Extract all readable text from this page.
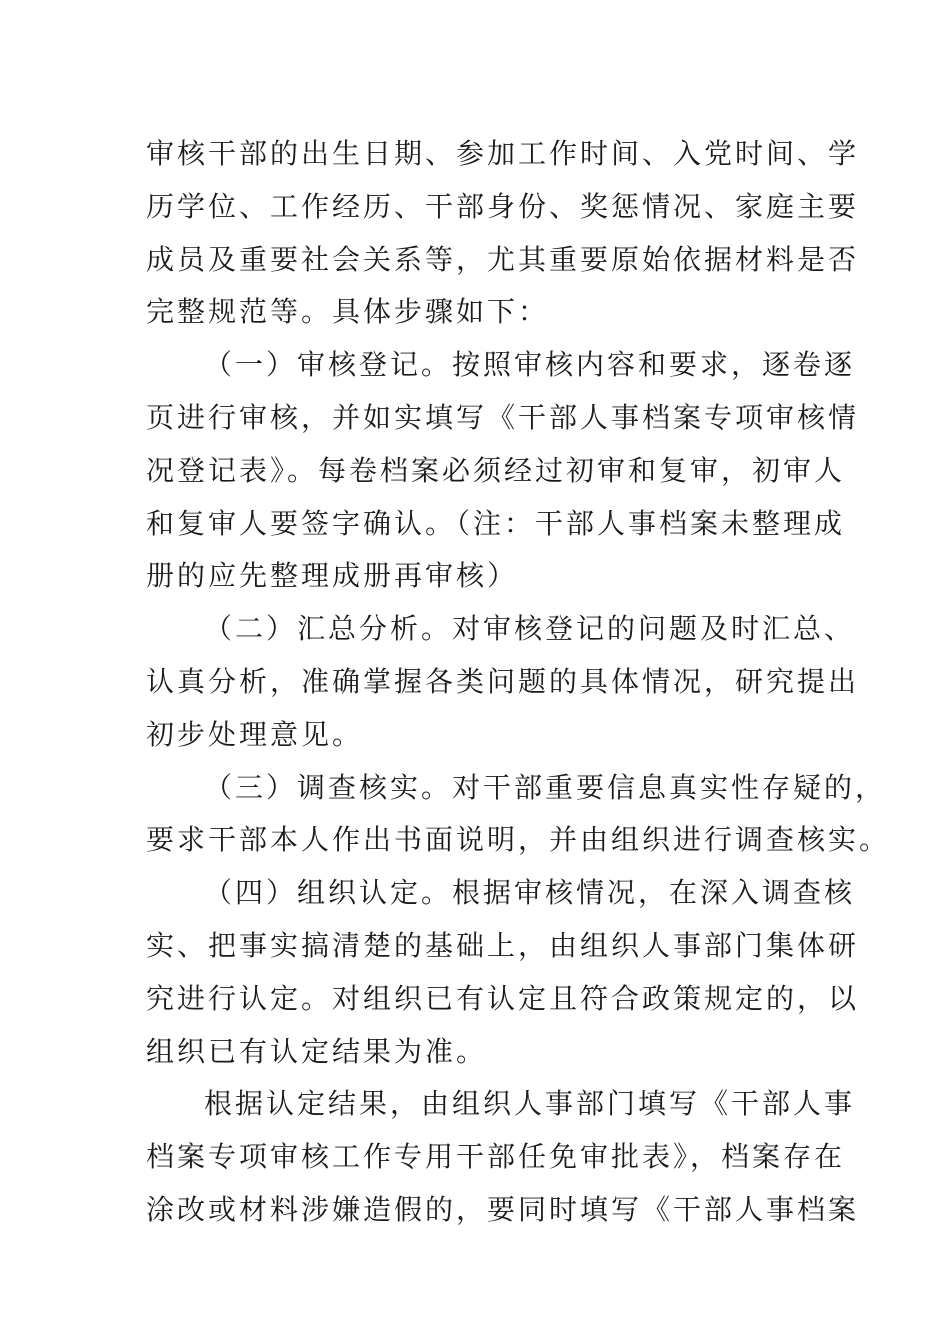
审核干部的出生日期、参加工作时间、入党时间、学
历学位、工作经历、干部身份、奖惩情况、家庭主要
成员及重要社会关系等，尤其重要原始依据材料是否
完整规范等。具体步骤如下：
（一）审核登记。按照审核内容和要求，逐卷逐
页进行审核，并如实填写《干部人事档案专项审核情
况登记表》。每卷档案必须经过初审和复审，初审人
和复审人要签字确认。（注：干部人事档案未整理成
册的应先整理成册再审核）
（二）汇总分析。对审核登记的问题及时汇总、
认真分析，准确掌握各类问题的具体情况，研究提出
初步处理意见。
（三）调查核实。对干部重要信息真实性存疑的，
要求干部本人作出书面说明，并由组织进行调查核实。
（四）组织认定。根据审核情况，在深入调查核
实、把事实搞清楚的基础上，由组织人事部门集体研
究进行认定。对组织已有认定且符合政策规定的，以
组织已有认定结果为准。
根据认定结果，由组织人事部门填写《干部人事
档案专项审核工作专用干部任免审批表》，档案存在
涂改或材料涉嫌造假的，要同时填写《干部人事档案
